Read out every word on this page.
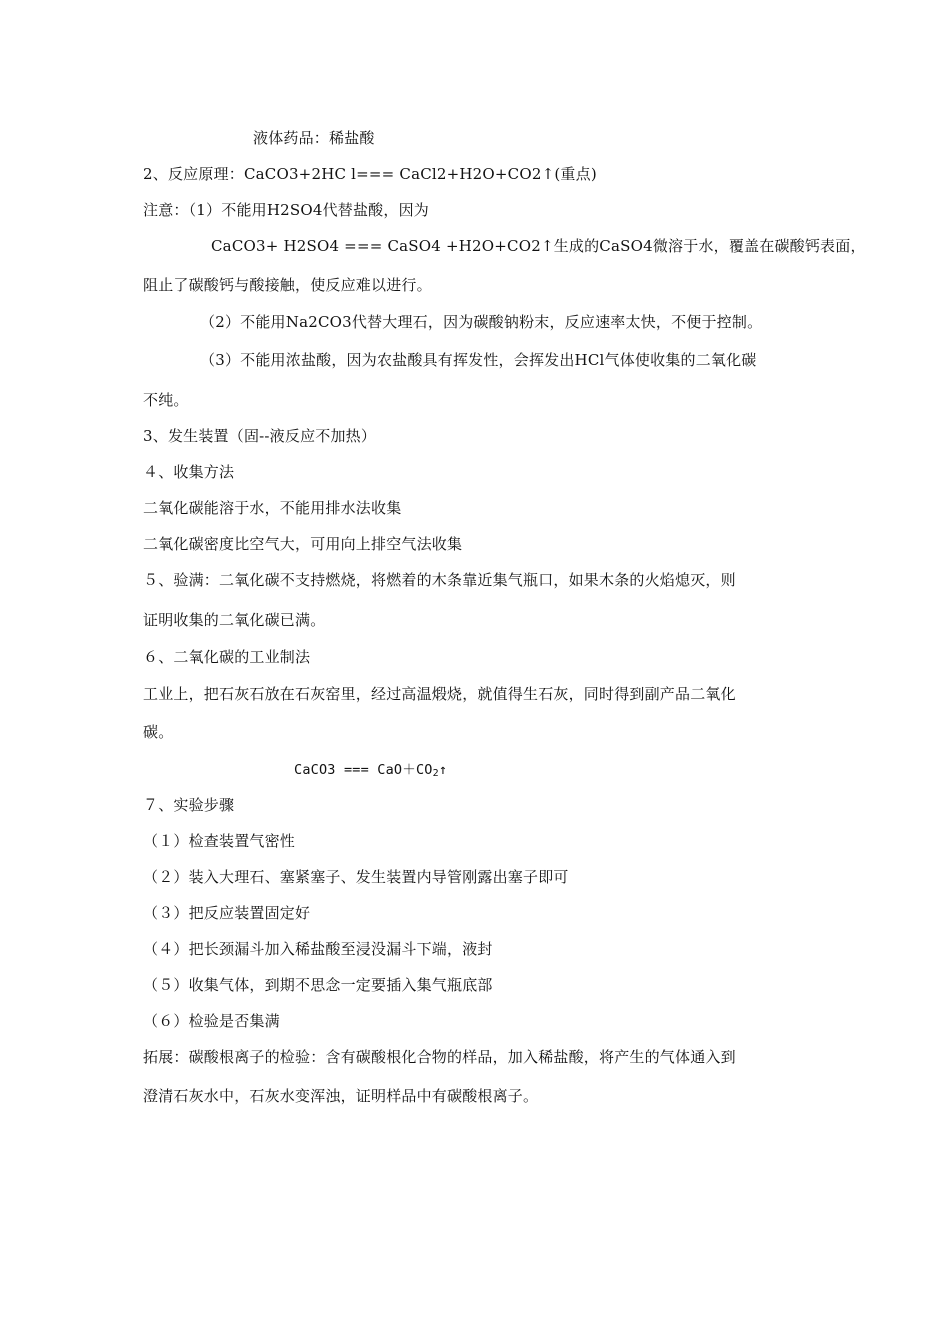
液体药品：稀盐酸
2、反应原理：CaCO3+2HC l=== CaCl2+H2O+CO2↑(重点)
注意：（1）不能用H2SO4代替盐酸，因为
CaCO3+ H2SO4 === CaSO4 +H2O+CO2↑生成的CaSO4微溶于水，覆盖在碳酸钙表面，
阻止了碳酸钙与酸接触，使反应难以进行。
（2）不能用Na2CO3代替大理石，因为碳酸钠粉末，反应速率太快，不便于控制。
（3）不能用浓盐酸，因为农盐酸具有挥发性，会挥发出HCl气体使收集的二氧化碳
不纯。
3、发生装置（固--液反应不加热）
４、收集方法
二氧化碳能溶于水，不能用排水法收集
二氧化碳密度比空气大，可用向上排空气法收集
５、验满：二氧化碳不支持燃烧，将燃着的木条靠近集气瓶口，如果木条的火焰熄灭，则
证明收集的二氧化碳已满。
６、二氧化碳的工业制法
工业上，把石灰石放在石灰窑里，经过高温煅烧，就值得生石灰，同时得到副产品二氧化
碳。
CaCO3 === $CaO+CO_2↑$
７、实验步骤
（１）检查装置气密性
（２）装入大理石、塞紧塞子、发生装置内导管刚露出塞子即可
（３）把反应装置固定好
（４）把长颈漏斗加入稀盐酸至浸没漏斗下端，液封
（５）收集气体，到期不思念一定要插入集气瓶底部
（６）检验是否集满
拓展：碳酸根离子的检验：含有碳酸根化合物的样品，加入稀盐酸，将产生的气体通入到
澄清石灰水中，石灰水变浑浊，证明样品中有碳酸根离子。
